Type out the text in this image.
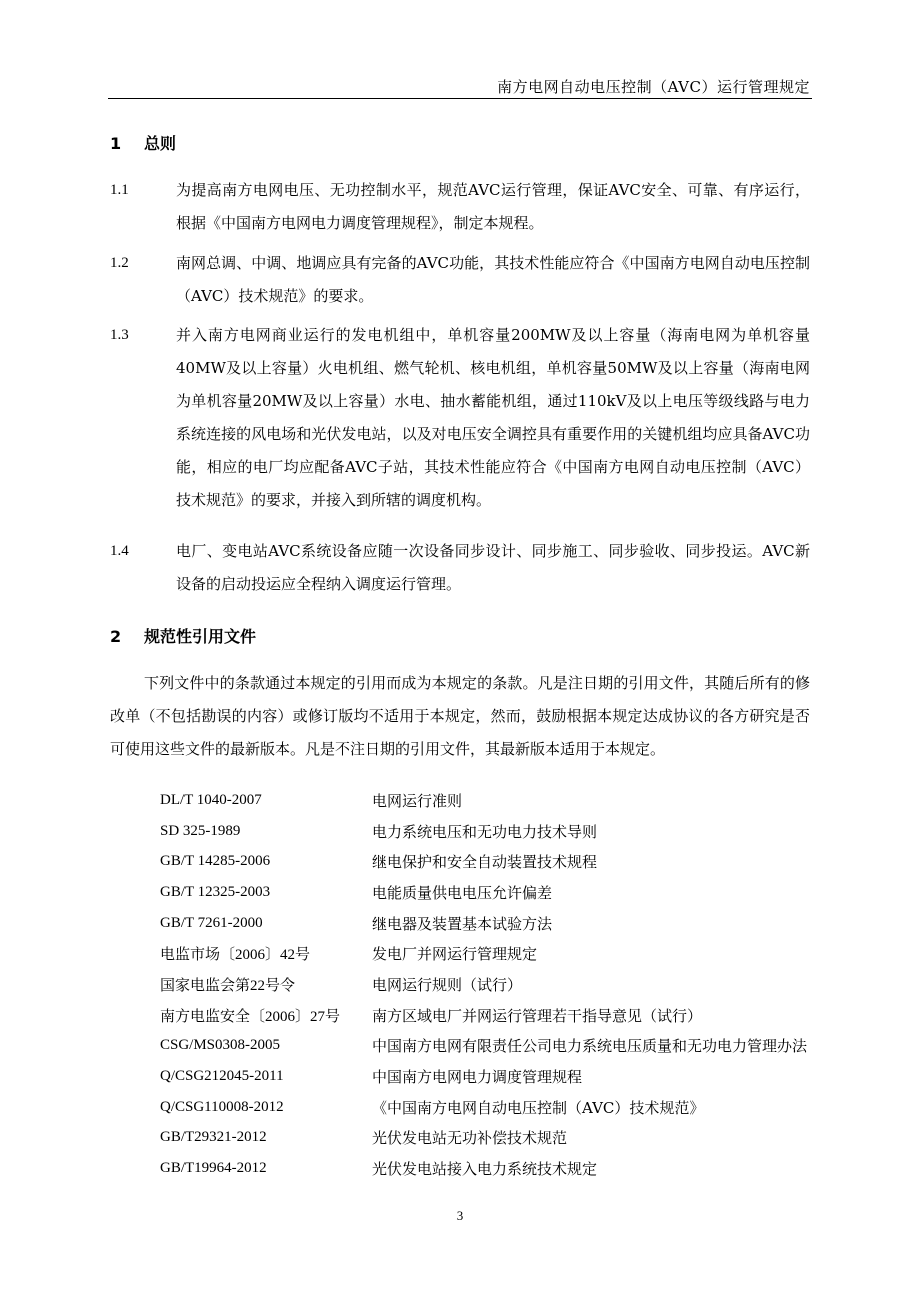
南方电网自动电压控制（AVC）运行管理规定
1 总则
1.1	为提高南方电网电压、无功控制水平，规范AVC运行管理，保证AVC安全、可靠、有序运行，根据《中国南方电网电力调度管理规程》，制定本规程。
1.2	南网总调、中调、地调应具有完备的AVC功能，其技术性能应符合《中国南方电网自动电压控制（AVC）技术规范》的要求。
1.3	并入南方电网商业运行的发电机组中，单机容量200MW及以上容量（海南电网为单机容量40MW及以上容量）火电机组、燃气轮机、核电机组，单机容量50MW及以上容量（海南电网为单机容量20MW及以上容量）水电、抽水蓄能机组，通过110kV及以上电压等级线路与电力系统连接的风电场和光伏发电站，以及对电压安全调控具有重要作用的关键机组均应具备AVC功能，相应的电厂均应配备AVC子站，其技术性能应符合《中国南方电网自动电压控制（AVC）技术规范》的要求，并接入到所辖的调度机构。
1.4	电厂、变电站AVC系统设备应随一次设备同步设计、同步施工、同步验收、同步投运。AVC新设备的启动投运应全程纳入调度运行管理。
2 规范性引用文件
下列文件中的条款通过本规定的引用而成为本规定的条款。凡是注日期的引用文件，其随后所有的修改单（不包括勘误的内容）或修订版均不适用于本规定，然而，鼓励根据本规定达成协议的各方研究是否可使用这些文件的最新版本。凡是不注日期的引用文件，其最新版本适用于本规定。
DL/T 1040-2007	电网运行准则
SD 325-1989	电力系统电压和无功电力技术导则
GB/T 14285-2006	继电保护和安全自动装置技术规程
GB/T 12325-2003	电能质量供电电压允许偏差
GB/T 7261-2000	继电器及装置基本试验方法
电监市场〔2006〕42号	发电厂并网运行管理规定
国家电监会第22号令	电网运行规则（试行）
南方电监安全〔2006〕27号	南方区域电厂并网运行管理若干指导意见（试行）
CSG/MS0308-2005	中国南方电网有限责任公司电力系统电压质量和无功电力管理办法
Q/CSG212045-2011	中国南方电网电力调度管理规程
Q/CSG110008-2012	《中国南方电网自动电压控制（AVC）技术规范》
GB/T29321-2012	光伏发电站无功补偿技术规范
GB/T19964-2012	光伏发电站接入电力系统技术规定
3
